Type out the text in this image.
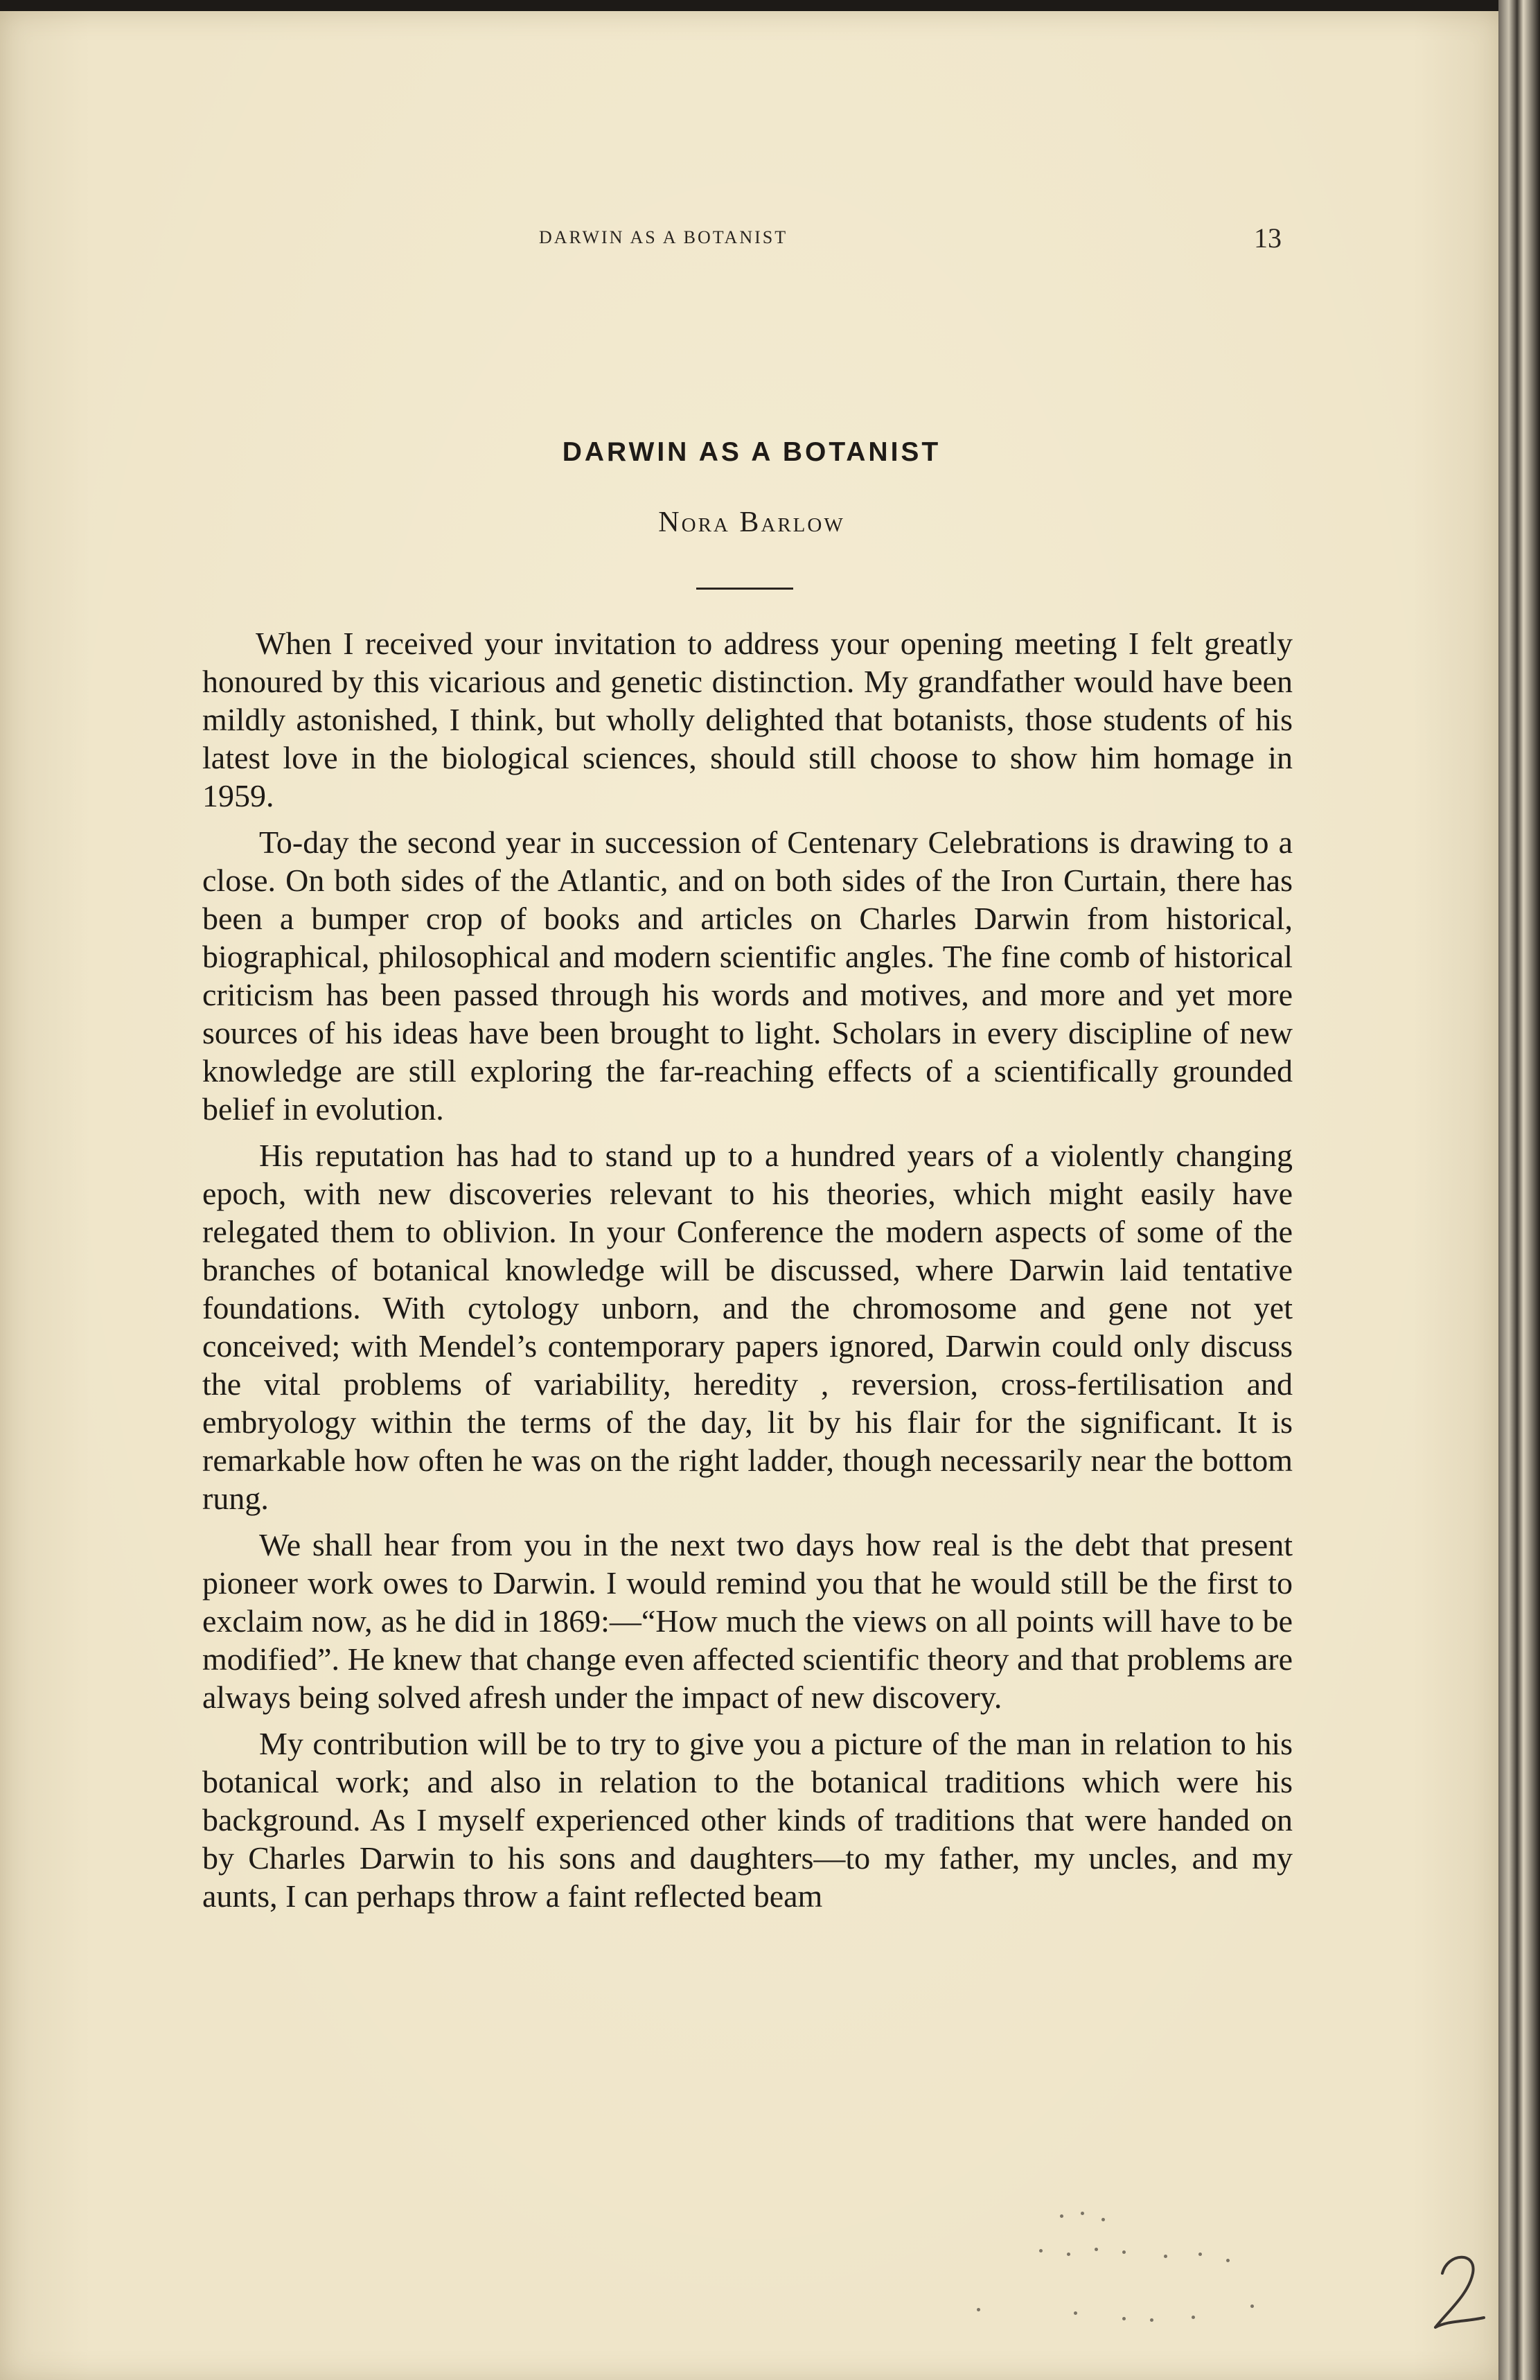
DARWIN AS A BOTANIST	13
DARWIN AS A BOTANIST
Nora Barlow

When I received your invitation to address your opening meeting I felt greatly honoured by this vicarious and genetic distinction. My grandfather would have been mildly astonished, I think, but wholly delighted that botanists, those students of his latest love in the biological sciences, should still choose to show him homage in 1959.

To-day the second year in succession of Centenary Celebrations is drawing to a close. On both sides of the Atlantic, and on both sides of the Iron Curtain, there has been a bumper crop of books and articles on Charles Darwin from historical, biographical, philosophical and modern scientific angles. The fine comb of historical criticism has been passed through his words and motives, and more and yet more sources of his ideas have been brought to light. Scholars in every discipline of new knowledge are still exploring the far-reaching effects of a scientifically grounded belief in evolution.

His reputation has had to stand up to a hundred years of a violently changing epoch, with new discoveries relevant to his theories, which might easily have relegated them to oblivion. In your Conference the modern aspects of some of the branches of botanical knowledge will be discussed, where Darwin laid tentative foundations. With cytology unborn, and the chromosome and gene not yet conceived; with Mendel’s contemporary papers ignored, Darwin could only discuss the vital problems of variability, heredity , reversion, cross-fertilisation and embryology within the terms of the day, lit by his flair for the significant. It is remarkable how often he was on the right ladder, though necessarily near the bottom rung.

We shall hear from you in the next two days how real is the debt that present pioneer work owes to Darwin. I would remind you that he would still be the first to exclaim now, as he did in 1869:—“How much the views on all points will have to be modified”. He knew that change even affected scientific theory and that problems are always being solved afresh under the impact of new discovery.

My contribution will be to try to give you a picture of the man in relation to his botanical work; and also in relation to the botanical traditions which were his background. As I myself experienced other kinds of traditions that were handed on by Charles Darwin to his sons and daughters—to my father, my uncles, and my aunts, I can perhaps throw a faint reflected beam
